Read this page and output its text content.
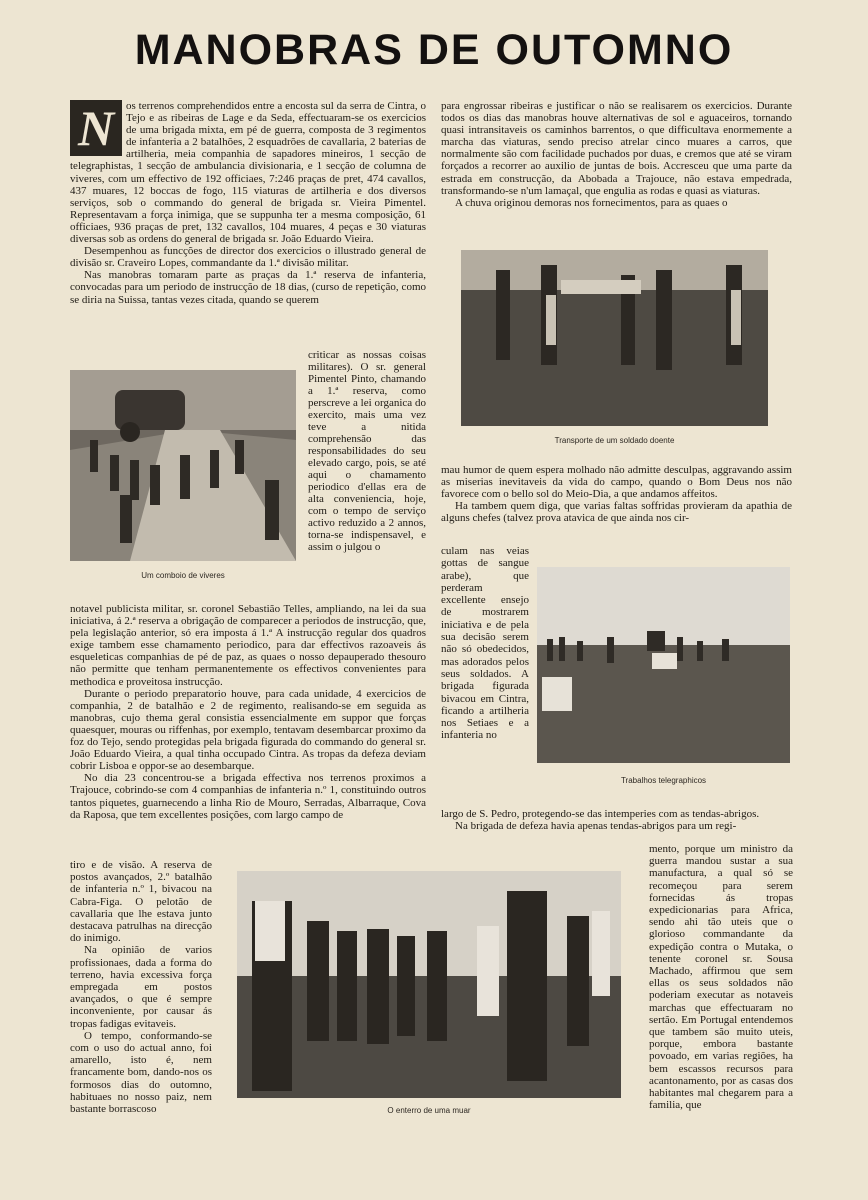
MANOBRAS DE OUTOMNO
N	os terrenos comprehendidos entre a encosta sul da serra de Cintra, o Tejo e as ribeiras de Lage e da Seda, effectuaram-se os exercicios de uma brigada mixta, em pé de guerra, composta de 3 regimentos de infanteria a 2 batalhões, 2 esquadrões de cavallaria, 2 baterias de artilheria, meia companhia de sapadores mineiros, 1 secção de telegraphistas, 1 secção de ambulancia divisionaria, e 1 secção de columna de viveres, com um effectivo de 192 officiaes, 7:246 praças de pret, 474 cavallos, 437 muares, 12 boccas de fogo, 115 viaturas de artilheria e dos diversos serviços, sob o commando do general de brigada sr. Vieira Pimentel. Representavam a força inimiga, que se suppunha ter a mesma composição, 61 officiaes, 936 praças de pret, 132 cavallos, 104 muares, 4 peças e 30 viaturas diversas sob as ordens do general de brigada sr. João Eduardo Vieira.

Desempenhou as funcções de director dos exercicios o illustrado general de divisão sr. Craveiro Lopes, commandante da 1.ª divisão militar.

Nas manobras tomaram parte as praças da 1.ª reserva de infanteria, convocadas para um periodo de instrucção de 18 dias, (curso de repetição, como se diria na Suissa, tantas vezes citada, quando se querem

Um comboio de viveres

criticar as nossas coisas militares). O sr. general Pimentel Pinto, chamando a 1.ª reserva, como perscreve a lei organica do exercito, mais uma vez teve a nitida comprehensão das responsabilidades do seu elevado cargo, pois, se até aqui o chamamento periodico d'ellas era de alta conveniencia, hoje, com o tempo de serviço activo reduzido a 2 annos, torna-se indispensavel, e assim o julgou o

notavel publicista militar, sr. coronel Sebastião Telles, ampliando, na lei da sua iniciativa, á 2.ª reserva a obrigação de comparecer a periodos de instrucção, que, pela legislação anterior, só era imposta á 1.ª A instrucção regular dos quadros exige tambem esse chamamento periodico, para dar effectivos razoaveis ás esqueleticas companhias de pé de paz, as quaes o nosso depauperado thesouro não permitte que tenham permanentemente os effectivos convenientes para methodica e proveitosa instrucção.

Durante o periodo preparatorio houve, para cada unidade, 4 exercicios de companhia, 2 de batalhão e 2 de regimento, realisando-se em seguida as manobras, cujo thema geral consistia essencialmente em suppor que forças quaesquer, mouras ou riffenhas, por exemplo, tentavam desembarcar proximo da foz do Tejo, sendo protegidas pela brigada figurada do commando do general sr. João Eduardo Vieira, a qual tinha occupado Cintra. As tropas da defeza deviam cobrir Lisboa e oppor-se ao desembarque.

No dia 23 concentrou-se a brigada effectiva nos terrenos proximos a Trajouce, cobrindo-se com 4 companhias de infanteria n.º 1, constituindo outros tantos piquetes, guarnecendo a linha Rio de Mouro, Serradas, Albarraque, Cova da Raposa, que tem excellentes posições, com largo campo de

tiro e de visão. A reserva de postos avançados, 2.º batalhão de infanteria n.º 1, bivacou na Cabra-Figa. O pelotão de cavallaria que lhe estava junto destacava patrulhas na direcção do inimigo.

Na opinião de varios profissionaes, dada a forma do terreno, havia excessiva força empregada em postos avançados, o que é sempre inconveniente, por causar ás tropas fadigas evitaveis.

O tempo, conformando-se com o uso do actual anno, foi amarello, isto é, nem francamente bom, dando-nos os formosos dias do outomno, habituaes no nosso paiz, nem bastante borrascoso

para engrossar ribeiras e justificar o não se realisarem os exercicios. Durante todos os dias das manobras houve alternativas de sol e aguaceiros, tornando quasi intransitaveis os caminhos barrentos, o que difficultava enormemente a marcha das viaturas, sendo preciso atrelar cinco muares a carros, que normalmente são com facilidade puchados por duas, e cremos que até se viram forçados a recorrer ao auxilio de juntas de bois. Accresceu que uma parte da estrada em construcção, da Abobada a Trajouce, não estava empedrada, transformando-se n'um lamaçal, que engulia as rodas e quasi as viaturas.

A chuva originou demoras nos fornecimentos, para as quaes o

Transporte de um soldado doente

mau humor de quem espera molhado não admitte desculpas, aggravando assim as miserias inevitaveis da vida do campo, quando o Bom Deus nos não favorece com o bello sol do Meio-Dia, a que andamos affeitos.

Ha tambem quem diga, que varias faltas soffridas provieram da apathia de alguns chefes (talvez prova atavica de que ainda nos cir-

culam nas veias gottas de sangue arabe), que perderam excellente ensejo de mostrarem iniciativa e de pela sua decisão serem não só obedecidos, mas adorados pelos seus soldados. A brigada figurada bivacou em Cintra, ficando a artilheria nos Setiaes e a infanteria no

Trabalhos telegraphicos

largo de S. Pedro, protegendo-se das intemperies com as tendas-abrigos.

Na brigada de defeza havia apenas tendas-abrigos para um regi-

O enterro de uma muar

mento, porque um ministro da guerra mandou sustar a sua manufactura, a qual só se recomeçou para serem fornecidas ás tropas expedicionarias para Africa, sendo ahi tão uteis que o glorioso commandante da expedição contra o Mutaka, o tenente coronel sr. Sousa Machado, affirmou que sem ellas os seus soldados não poderiam executar as notaveis marchas que effectuaram no sertão. Em Portugal entendemos que tambem são muito uteis, porque, embora bastante povoado, em varias regiões, ha bem escassos recursos para acantonamento, por as casas dos habitantes mal chegarem para a familia, que
